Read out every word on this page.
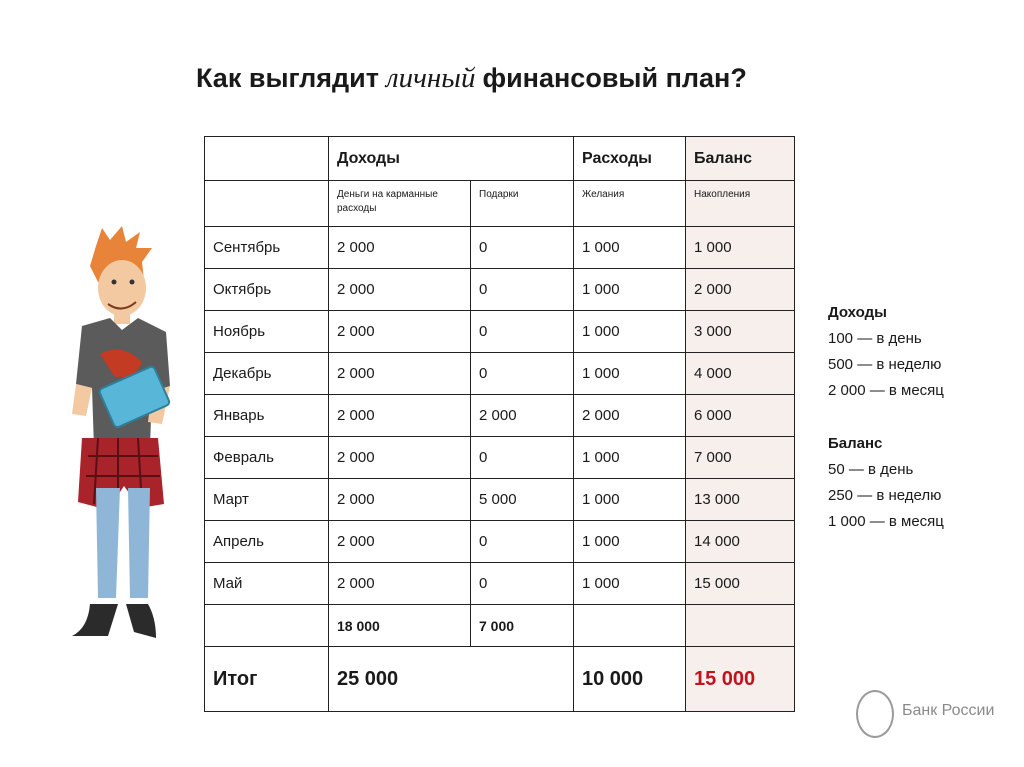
Как выглядит личный финансовый план?
	Доходы		Расходы	Баланс
	Деньги на карманные расходы	Подарки	Желания	Накопления
Сентябрь	2 000	0	1 000	1 000
Октябрь	2 000	0	1 000	2 000
Ноябрь	2 000	0	1 000	3 000
Декабрь	2 000	0	1 000	4 000
Январь	2 000	2 000	2 000	6 000
Февраль	2 000	0	1 000	7 000
Март	2 000	5 000	1 000	13 000
Апрель	2 000	0	1 000	14 000
Май	2 000	0	1 000	15 000
	18 000	7 000		
Итог	25 000		10 000	15 000
Доходы
100 — в день
500 — в неделю
2 000 — в месяц
Баланс
50 — в день
250 — в неделю
1 000 — в месяц
Банк России
